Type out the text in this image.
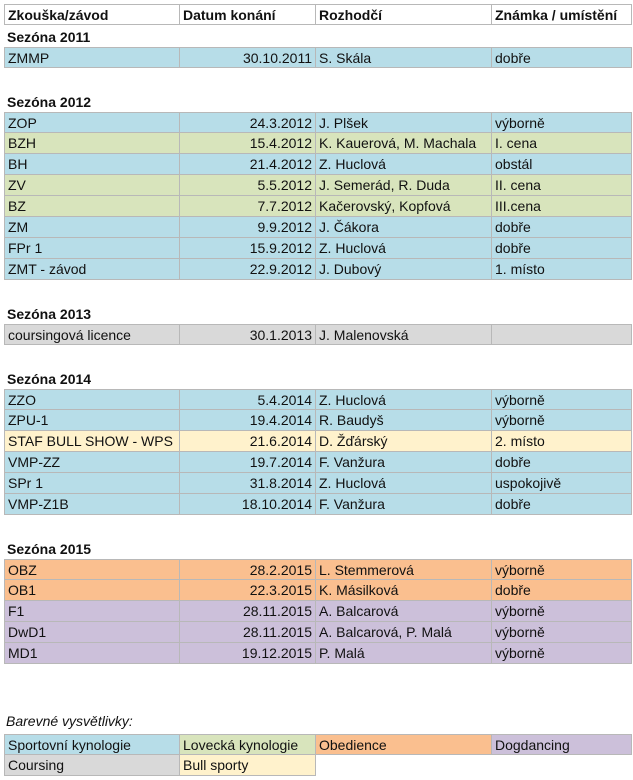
Zkouška/závod	Datum konání	Rozhodčí	Známka / umístění
Sezóna 2011
ZMMP	30.10.2011 S. Skála	dobře
Sezóna 2012
ZOP	24.3.2012 J. Plšek	výborně
BZH	15.4.2012 K. Kauerová, M. Machala	I. cena
BH	21.4.2012 Z. Huclová	obstál
ZV	5.5.2012 J. Semerád, R. Duda	II. cena
BZ	7.7.2012 Kačerovský, Kopfová	III.cena
ZM	9.9.2012 J. Čákora	dobře
FPr 1	15.9.2012 Z. Huclová	dobře
ZMT - závod	22.9.2012 J. Dubový	1. místo
Sezóna 2013
coursingová licence	30.1.2013 J. Malenovská
Sezóna 2014
ZZO	5.4.2014 Z. Huclová	výborně
ZPU-1	19.4.2014 R. Baudyš	výborně
STAF BULL SHOW - WPS	21.6.2014 D. Žďárský	2. místo
VMP-ZZ	19.7.2014 F. Vanžura	dobře
SPr 1	31.8.2014 Z. Huclová	uspokojivě
VMP-Z1B	18.10.2014 F. Vanžura	dobře
Sezóna 2015
OBZ	28.2.2015 L. Stemmerová	výborně
OB1	22.3.2015 K. Másilková	dobře
F1	28.11.2015 A. Balcarová	výborně
DwD1	28.11.2015 A. Balcarová, P. Malá	výborně
MD1	19.12.2015 P. Malá	výborně
Barevné vysvětlivky:
Sportovní kynologie	Lovecká kynologie	Obedience	Dogdancing
Coursing	Bull sporty
